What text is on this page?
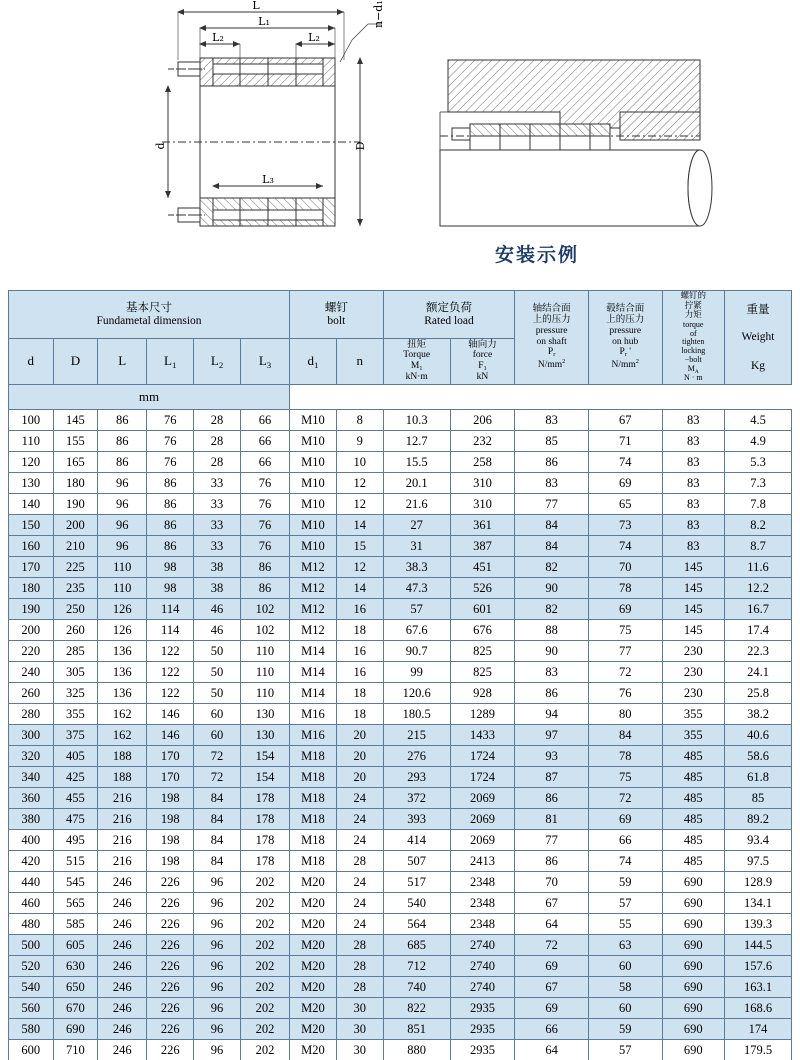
L
L₁
L₂	L₂
L₃
d	D
n−d₁
安装示例
基本尺寸
Fundametal dimension

螺钉
bolt

额定负荷
Rated load

轴结合面
上的压力
pressure
on shaft
$P_r$
$N/mm^2$

毂结合面
上的压力
pressure
on hub
$P_r$ '
$N/mm^2$

螺钉的
拧紧
力矩
torque
of
tighten
locking
−bolt
$M_A$
N · m

重量
Weight
Kg

d	D	L	$L_1$	$L_2$	$L_3$	$d_1$	n	
扭矩
Torque
$M_1$
kN·m

轴向力
force
$F_1$
kN

mm													
100	145	86	76	28	66	M10	8	10.3	206	83	67	83	4.5
110	155	86	76	28	66	M10	9	12.7	232	85	71	83	4.9
120	165	86	76	28	66	M10	10	15.5	258	86	74	83	5.3
130	180	96	86	33	76	M10	12	20.1	310	83	69	83	7.3
140	190	96	86	33	76	M10	12	21.6	310	77	65	83	7.8
150	200	96	86	33	76	M10	14	27	361	84	73	83	8.2
160	210	96	86	33	76	M10	15	31	387	84	74	83	8.7
170	225	110	98	38	86	M12	12	38.3	451	82	70	145	11.6
180	235	110	98	38	86	M12	14	47.3	526	90	78	145	12.2
190	250	126	114	46	102	M12	16	57	601	82	69	145	16.7
200	260	126	114	46	102	M12	18	67.6	676	88	75	145	17.4
220	285	136	122	50	110	M14	16	90.7	825	90	77	230	22.3
240	305	136	122	50	110	M14	16	99	825	83	72	230	24.1
260	325	136	122	50	110	M14	18	120.6	928	86	76	230	25.8
280	355	162	146	60	130	M16	18	180.5	1289	94	80	355	38.2
300	375	162	146	60	130	M16	20	215	1433	97	84	355	40.6
320	405	188	170	72	154	M18	20	276	1724	93	78	485	58.6
340	425	188	170	72	154	M18	20	293	1724	87	75	485	61.8
360	455	216	198	84	178	M18	24	372	2069	86	72	485	85
380	475	216	198	84	178	M18	24	393	2069	81	69	485	89.2
400	495	216	198	84	178	M18	24	414	2069	77	66	485	93.4
420	515	216	198	84	178	M18	28	507	2413	86	74	485	97.5
440	545	246	226	96	202	M20	24	517	2348	70	59	690	128.9
460	565	246	226	96	202	M20	24	540	2348	67	57	690	134.1
480	585	246	226	96	202	M20	24	564	2348	64	55	690	139.3
500	605	246	226	96	202	M20	28	685	2740	72	63	690	144.5
520	630	246	226	96	202	M20	28	712	2740	69	60	690	157.6
540	650	246	226	96	202	M20	28	740	2740	67	58	690	163.1
560	670	246	226	96	202	M20	30	822	2935	69	60	690	168.6
580	690	246	226	96	202	M20	30	851	2935	66	59	690	174
600	710	246	226	96	202	M20	30	880	2935	64	57	690	179.5
